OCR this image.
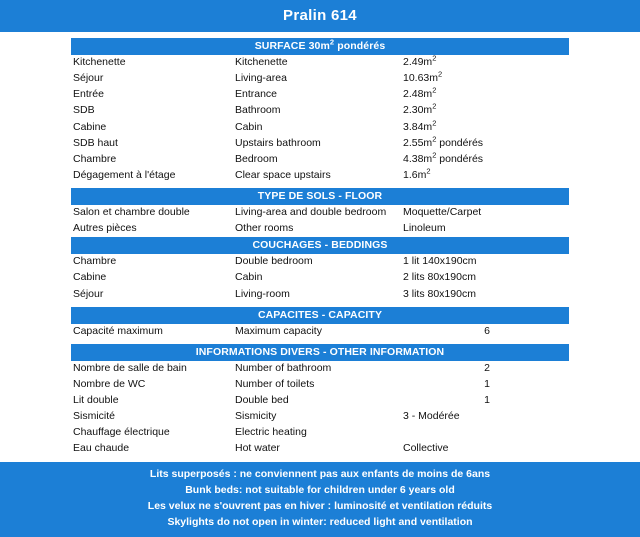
Pralin 614
SURFACE $30m^2$ pondérés
Kitchenette	Kitchenette	$2.49m^2$
Séjour	Living-area	$10.63m^2$
Entrée	Entrance	$2.48m^2$
SDB	Bathroom	$2.30m^2$
Cabine	Cabin	$3.84m^2$
SDB haut	Upstairs bathroom	$2.55m^2$ pondérés
Chambre	Bedroom	$4.38m^2$ pondérés
Dégagement à l'étage	Clear space upstairs	$1.6m^2$
TYPE DE SOLS - FLOOR
Salon et chambre double	Living-area and double bedroom	Moquette/Carpet
Autres pièces	Other rooms	Linoleum
COUCHAGES - BEDDINGS
Chambre	Double bedroom	1 lit 140x190cm
Cabine	Cabin	2 lits 80x190cm
Séjour	Living-room	3 lits 80x190cm
CAPACITES - CAPACITY
Capacité maximum	Maximum capacity	6
INFORMATIONS DIVERS - OTHER INFORMATION
Nombre de salle de bain	Number of bathroom	2
Nombre de WC	Number of toilets	1
Lit double	Double bed	1
Sismicité	Sismicity	3 - Modérée
Chauffage électrique	Electric heating	
Eau chaude	Hot water	Collective
Lits superposés : ne conviennent pas aux enfants de moins de 6ans
Bunk beds: not suitable for children under 6 years old
Les velux ne s'ouvrent pas en hiver : luminosité et ventilation réduits
Skylights do not open in winter: reduced light and ventilation
